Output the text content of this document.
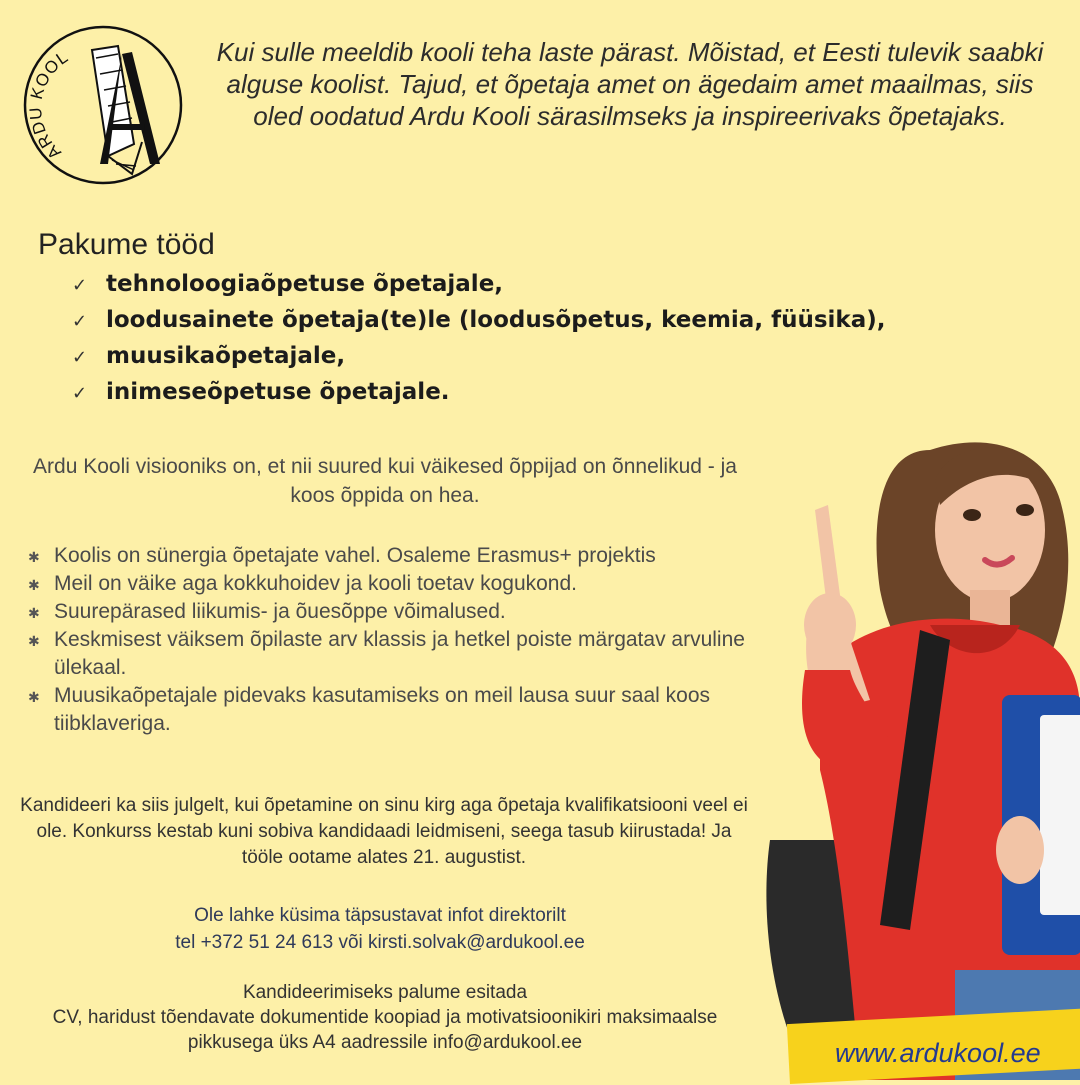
ARDU KOOL	Kui sulle meeldib kooli teha laste pärast. Mõistad, et Eesti tulevik saabki alguse koolist. Tajud, et õpetaja amet on ägedaim amet maailmas, siis oled oodatud Ardu Kooli särasilmseks ja inspireerivaks õpetajaks.

Pakume tööd
✓ tehnoloogiaõpetuse õpetajale,
✓ loodusainete õpetaja(te)le (loodusõpetus, keemia, füüsika),
✓ muusikaõpetajale,
✓ inimeseõpetuse õpetajale.

Ardu Kooli visiooniks on, et nii suured kui väikesed õppijad on õnnelikud - ja koos õppida on hea.

✱ Koolis on sünergia õpetajate vahel. Osaleme Erasmus+ projektis
✱ Meil on väike aga kokkuhoidev ja kooli toetav kogukond.
✱ Suurepärased liikumis- ja õuesõppe võimalused.
✱ Keskmisest väiksem õpilaste arv klassis ja hetkel poiste märgatav arvuline ülekaal.
✱ Muusikaõpetajale pidevaks kasutamiseks on meil lausa suur saal koos tiibklaveriga.

Kandideeri ka siis julgelt, kui õpetamine on sinu kirg aga õpetaja kvalifikatsiooni veel ei ole. Konkurss kestab kuni sobiva kandidaadi leidmiseni, seega tasub kiirustada! Ja tööle ootame alates 21. augustist.

Ole lahke küsima täpsustavat infot direktorilt
tel +372 51 24 613 või kirsti.solvak@ardukool.ee
Kandideerimiseks palume esitada
CV, haridust tõendavate dokumentide koopiad ja motivatsioonikiri maksimaalse pikkusega üks A4 aadressile info@ardukool.ee	www.ardukool.ee
